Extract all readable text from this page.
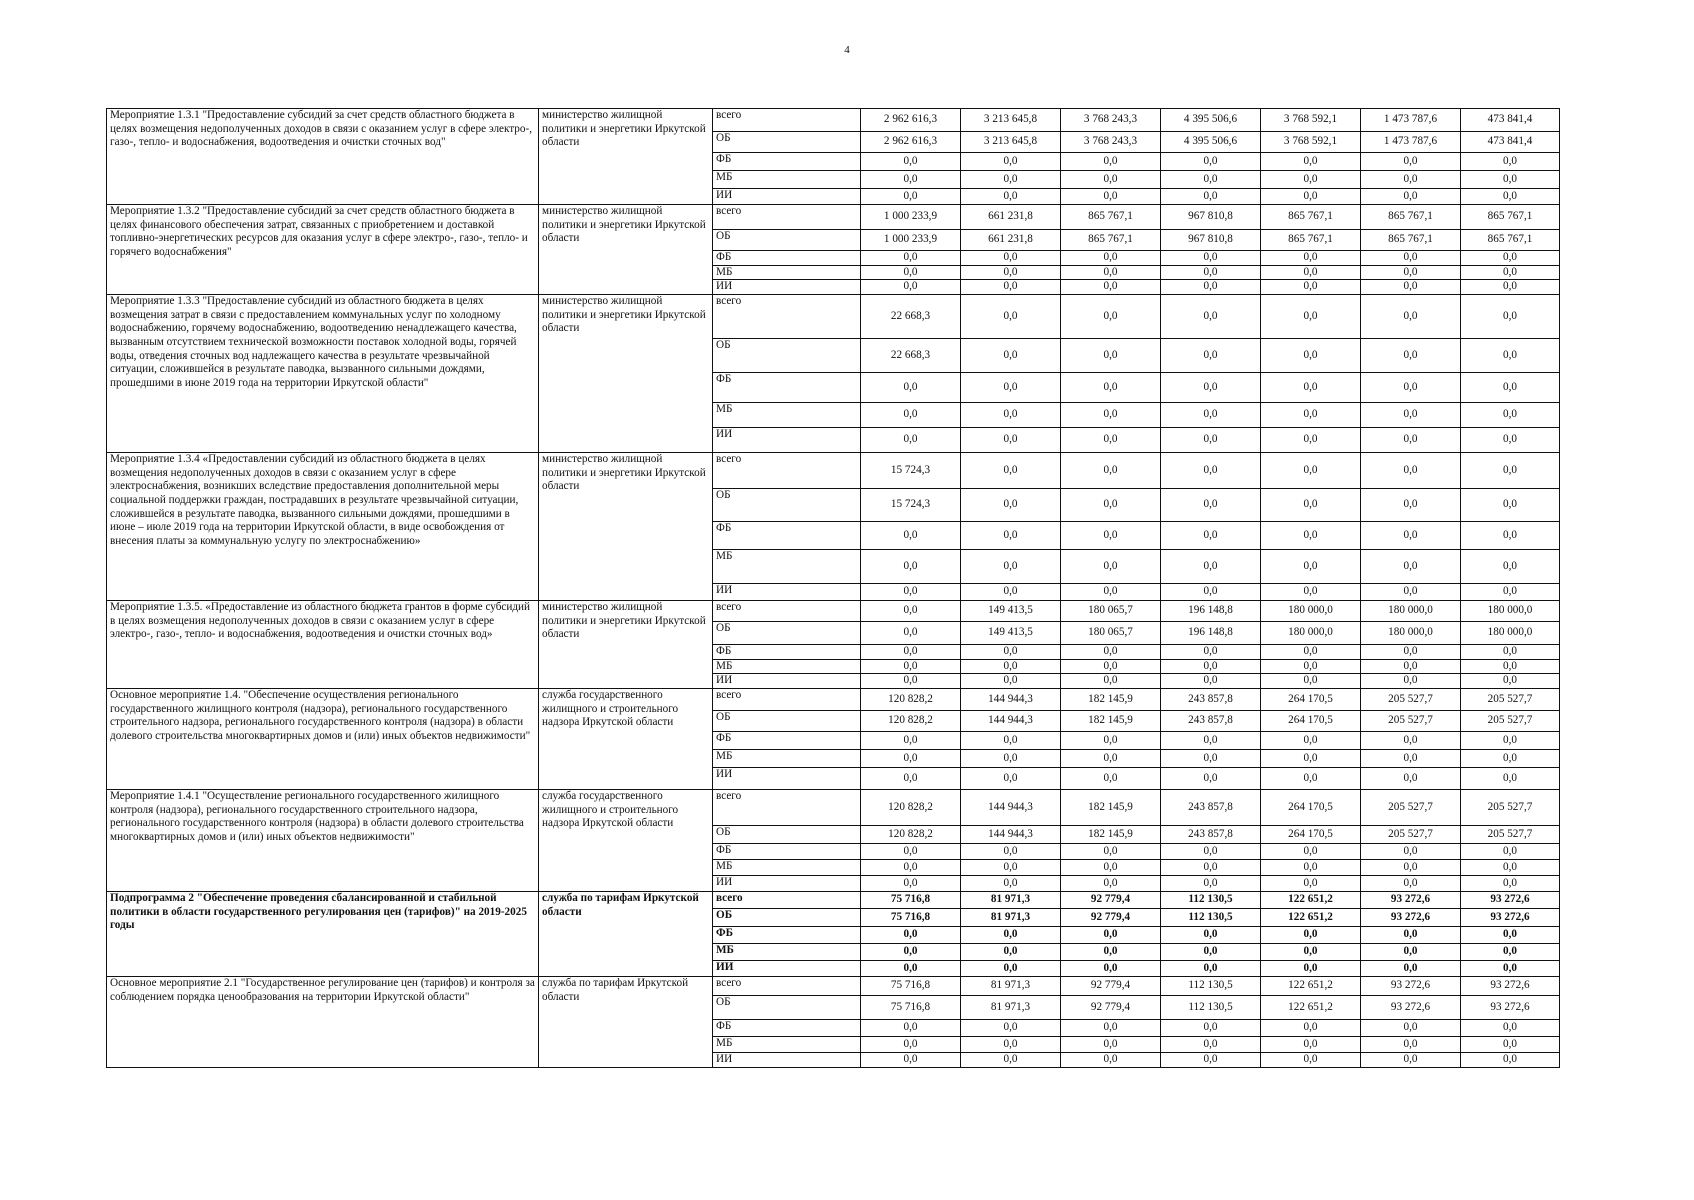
4
Мероприятие 1.3.1 "Предоставление субсидий за счет средств областного бюджета в целях возмещения недополученных доходов в связи с оказанием услуг в сфере электро-, газо-, тепло- и водоснабжения, водоотведения и очистки сточных вод"	министерство жилищной политики и энергетики Иркутской области	всего	2 962 616,3	3 213 645,8	3 768 243,3	4 395 506,6	3 768 592,1	1 473 787,6	473 841,4
		ОБ	2 962 616,3	3 213 645,8	3 768 243,3	4 395 506,6	3 768 592,1	1 473 787,6	473 841,4
		ФБ	0,0	0,0	0,0	0,0	0,0	0,0	0,0
		МБ	0,0	0,0	0,0	0,0	0,0	0,0	0,0
		ИИ	0,0	0,0	0,0	0,0	0,0	0,0	0,0
Мероприятие 1.3.2 "Предоставление субсидий за счет средств областного бюджета в целях финансового обеспечения затрат, связанных с приобретением и доставкой топливно-энергетических ресурсов для оказания услуг в сфере электро-, газо-, тепло- и горячего водоснабжения"	министерство жилищной политики и энергетики Иркутской области	всего	1 000 233,9	661 231,8	865 767,1	967 810,8	865 767,1	865 767,1	865 767,1
		ОБ	1 000 233,9	661 231,8	865 767,1	967 810,8	865 767,1	865 767,1	865 767,1
		ФБ	0,0	0,0	0,0	0,0	0,0	0,0	0,0
		МБ	0,0	0,0	0,0	0,0	0,0	0,0	0,0
		ИИ	0,0	0,0	0,0	0,0	0,0	0,0	0,0
Мероприятие 1.3.3 "Предоставление субсидий из областного бюджета в целях возмещения затрат в связи с предоставлением коммунальных услуг по холодному водоснабжению, горячему водоснабжению, водоотведению ненадлежащего качества, вызванным отсутствием технической возможности поставок холодной воды, горячей воды, отведения сточных вод надлежащего качества в результате чрезвычайной ситуации, сложившейся в результате паводка, вызванного сильными дождями, прошедшими в июне 2019 года на территории Иркутской области"	министерство жилищной политики и энергетики Иркутской области	всего	22 668,3	0,0	0,0	0,0	0,0	0,0	0,0
		ОБ	22 668,3	0,0	0,0	0,0	0,0	0,0	0,0
		ФБ	0,0	0,0	0,0	0,0	0,0	0,0	0,0
		МБ	0,0	0,0	0,0	0,0	0,0	0,0	0,0
		ИИ	0,0	0,0	0,0	0,0	0,0	0,0	0,0
Мероприятие 1.3.4 «Предоставлении субсидий из областного бюджета в целях возмещения недополученных доходов в связи с оказанием услуг в сфере электроснабжения, возникших вследствие предоставления дополнительной меры социальной поддержки граждан, пострадавших в результате чрезвычайной ситуации, сложившейся в результате паводка, вызванного сильными дождями, прошедшими в июне – июле 2019 года на территории Иркутской области, в виде освобождения от внесения платы за коммунальную услугу по электроснабжению»	министерство жилищной политики и энергетики Иркутской области	всего	15 724,3	0,0	0,0	0,0	0,0	0,0	0,0
		ОБ	15 724,3	0,0	0,0	0,0	0,0	0,0	0,0
		ФБ	0,0	0,0	0,0	0,0	0,0	0,0	0,0
		МБ	0,0	0,0	0,0	0,0	0,0	0,0	0,0
		ИИ	0,0	0,0	0,0	0,0	0,0	0,0	0,0
Мероприятие 1.3.5. «Предоставление из областного бюджета грантов в форме субсидий в целях возмещения недополученных доходов в связи с оказанием услуг в сфере электро-, газо-, тепло- и водоснабжения, водоотведения и очистки сточных вод»	министерство жилищной политики и энергетики Иркутской области	всего	0,0	149 413,5	180 065,7	196 148,8	180 000,0	180 000,0	180 000,0
		ОБ	0,0	149 413,5	180 065,7	196 148,8	180 000,0	180 000,0	180 000,0
		ФБ	0,0	0,0	0,0	0,0	0,0	0,0	0,0
		МБ	0,0	0,0	0,0	0,0	0,0	0,0	0,0
		ИИ	0,0	0,0	0,0	0,0	0,0	0,0	0,0
Основное мероприятие 1.4. "Обеспечение осуществления регионального государственного жилищного контроля (надзора), регионального государственного строительного надзора, регионального государственного контроля (надзора) в области долевого строительства многоквартирных домов и (или) иных объектов недвижимости"	служба государственного жилищного и строительного надзора Иркутской области	всего	120 828,2	144 944,3	182 145,9	243 857,8	264 170,5	205 527,7	205 527,7
		ОБ	120 828,2	144 944,3	182 145,9	243 857,8	264 170,5	205 527,7	205 527,7
		ФБ	0,0	0,0	0,0	0,0	0,0	0,0	0,0
		МБ	0,0	0,0	0,0	0,0	0,0	0,0	0,0
		ИИ	0,0	0,0	0,0	0,0	0,0	0,0	0,0
Мероприятие 1.4.1 "Осуществление регионального государственного жилищного контроля (надзора), регионального государственного строительного надзора, регионального государственного контроля (надзора) в области долевого строительства многоквартирных домов и (или) иных объектов недвижимости"	служба государственного жилищного и строительного надзора Иркутской области	всего	120 828,2	144 944,3	182 145,9	243 857,8	264 170,5	205 527,7	205 527,7
		ОБ	120 828,2	144 944,3	182 145,9	243 857,8	264 170,5	205 527,7	205 527,7
		ФБ	0,0	0,0	0,0	0,0	0,0	0,0	0,0
		МБ	0,0	0,0	0,0	0,0	0,0	0,0	0,0
		ИИ	0,0	0,0	0,0	0,0	0,0	0,0	0,0
Подпрограмма 2 "Обеспечение проведения сбалансированной и стабильной политики в области государственного регулирования цен (тарифов)" на 2019-2025 годы	служба по тарифам Иркутской области	всего	75 716,8	81 971,3	92 779,4	112 130,5	122 651,2	93 272,6	93 272,6
		ОБ	75 716,8	81 971,3	92 779,4	112 130,5	122 651,2	93 272,6	93 272,6
		ФБ	0,0	0,0	0,0	0,0	0,0	0,0	0,0
		МБ	0,0	0,0	0,0	0,0	0,0	0,0	0,0
		ИИ	0,0	0,0	0,0	0,0	0,0	0,0	0,0
Основное мероприятие 2.1 "Государственное регулирование цен (тарифов) и контроля за соблюдением порядка ценообразования на территории Иркутской области"	служба по тарифам Иркутской области	всего	75 716,8	81 971,3	92 779,4	112 130,5	122 651,2	93 272,6	93 272,6
		ОБ	75 716,8	81 971,3	92 779,4	112 130,5	122 651,2	93 272,6	93 272,6
		ФБ	0,0	0,0	0,0	0,0	0,0	0,0	0,0
		МБ	0,0	0,0	0,0	0,0	0,0	0,0	0,0
		ИИ	0,0	0,0	0,0	0,0	0,0	0,0	0,0
